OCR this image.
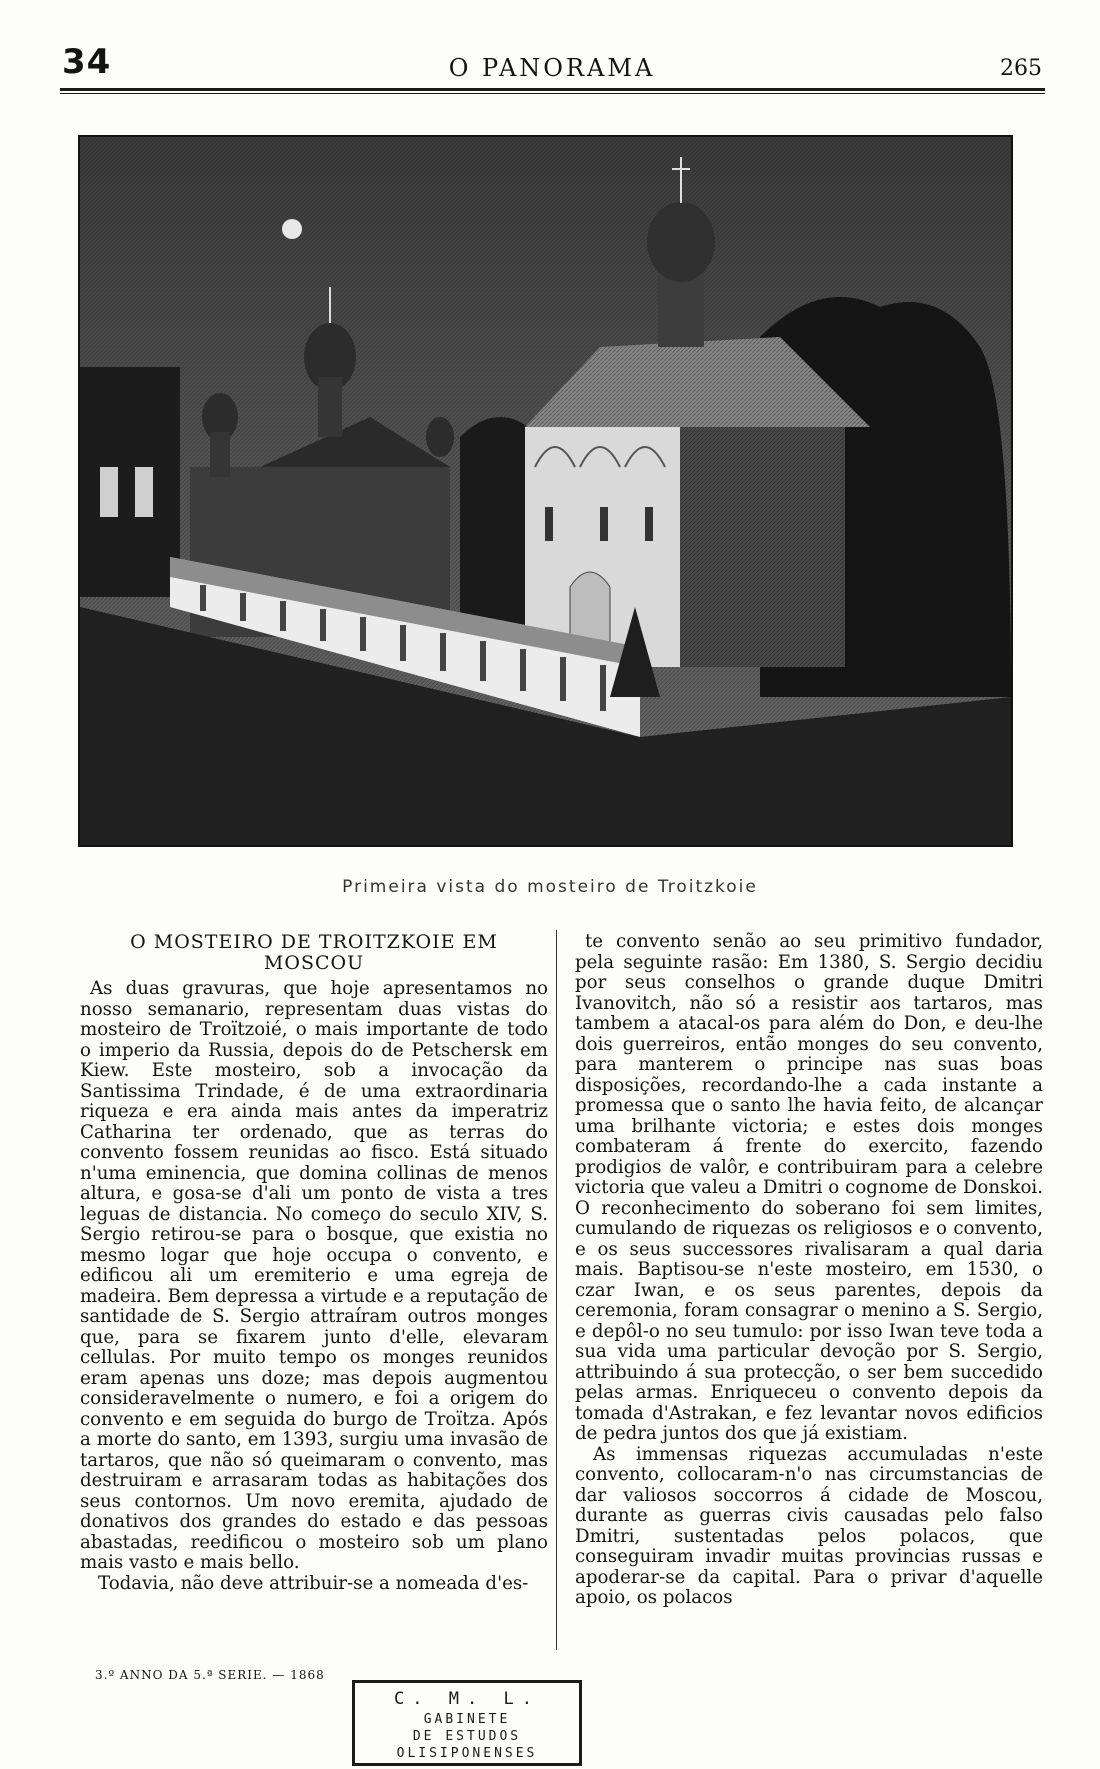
34	O PANORAMA	265
Primeira vista do mosteiro de Troitzkoie
O MOSTEIRO DE TROITZKOIE EM MOSCOU

As duas gravuras, que hoje apresentamos no nosso semanario, representam duas vistas do mosteiro de Troïtzoié, o mais importante de todo o imperio da Russia, depois do de Petschersk em Kiew. Este mosteiro, sob a invocação da Santissima Trindade, é de uma extraordinaria riqueza e era ainda mais antes da imperatriz Catharina ter ordenado, que as terras do convento fossem reunidas ao fisco. Está situado n'uma eminencia, que domina collinas de menos altura, e gosa-se d'ali um ponto de vista a tres leguas de distancia. No começo do seculo XIV, S. Sergio retirou-se para o bosque, que existia no mesmo logar que hoje occupa o convento, e edificou ali um eremiterio e uma egreja de madeira. Bem depressa a virtude e a reputação de santidade de S. Sergio attraíram outros monges que, para se fixarem junto d'elle, elevaram cellulas. Por muito tempo os monges reunidos eram apenas uns doze; mas depois augmentou consideravelmente o numero, e foi a origem do convento e em seguida do burgo de Troïtza. Após a morte do santo, em 1393, surgiu uma invasão de tartaros, que não só queimaram o convento, mas destruiram e arrasaram todas as habitações dos seus contornos. Um novo eremita, ajudado de donativos dos grandes do estado e das pessoas abastadas, reedificou o mosteiro sob um plano mais vasto e mais bello.

Todavia, não deve attribuir-se a nomeada d'es-

te convento senão ao seu primitivo fundador, pela seguinte rasão: Em 1380, S. Sergio decidiu por seus conselhos o grande duque Dmitri Ivanovitch, não só a resistir aos tartaros, mas tambem a atacal-os para além do Don, e deu-lhe dois guerreiros, então monges do seu convento, para manterem o principe nas suas boas disposições, recordando-lhe a cada instante a promessa que o santo lhe havia feito, de alcançar uma brilhante victoria; e estes dois monges combateram á frente do exercito, fazendo prodigios de valôr, e contribuiram para a celebre victoria que valeu a Dmitri o cognome de Donskoi. O reconhecimento do soberano foi sem limites, cumulando de riquezas os religiosos e o convento, e os seus successores rivalisaram a qual daria mais. Baptisou-se n'este mosteiro, em 1530, o czar Iwan, e os seus parentes, depois da ceremonia, foram consagrar o menino a S. Sergio, e depôl-o no seu tumulo: por isso Iwan teve toda a sua vida uma particular devoção por S. Sergio, attribuindo á sua protecção, o ser bem succedido pelas armas. Enriqueceu o convento depois da tomada d'Astrakan, e fez levantar novos edificios de pedra juntos dos que já existiam.

As immensas riquezas accumuladas n'este convento, collocaram-n'o nas circumstancias de dar valiosos soccorros á cidade de Moscou, durante as guerras civis causadas pelo falso Dmitri, sustentadas pelos polacos, que conseguiram invadir muitas provincias russas e apoderar-se da capital. Para o privar d'aquelle apoio, os polacos

3.º ANNO DA 5.ª SERIE. — 1868
C. M. L.
GABINETE
DE ESTUDOS
OLISIPONENSES
